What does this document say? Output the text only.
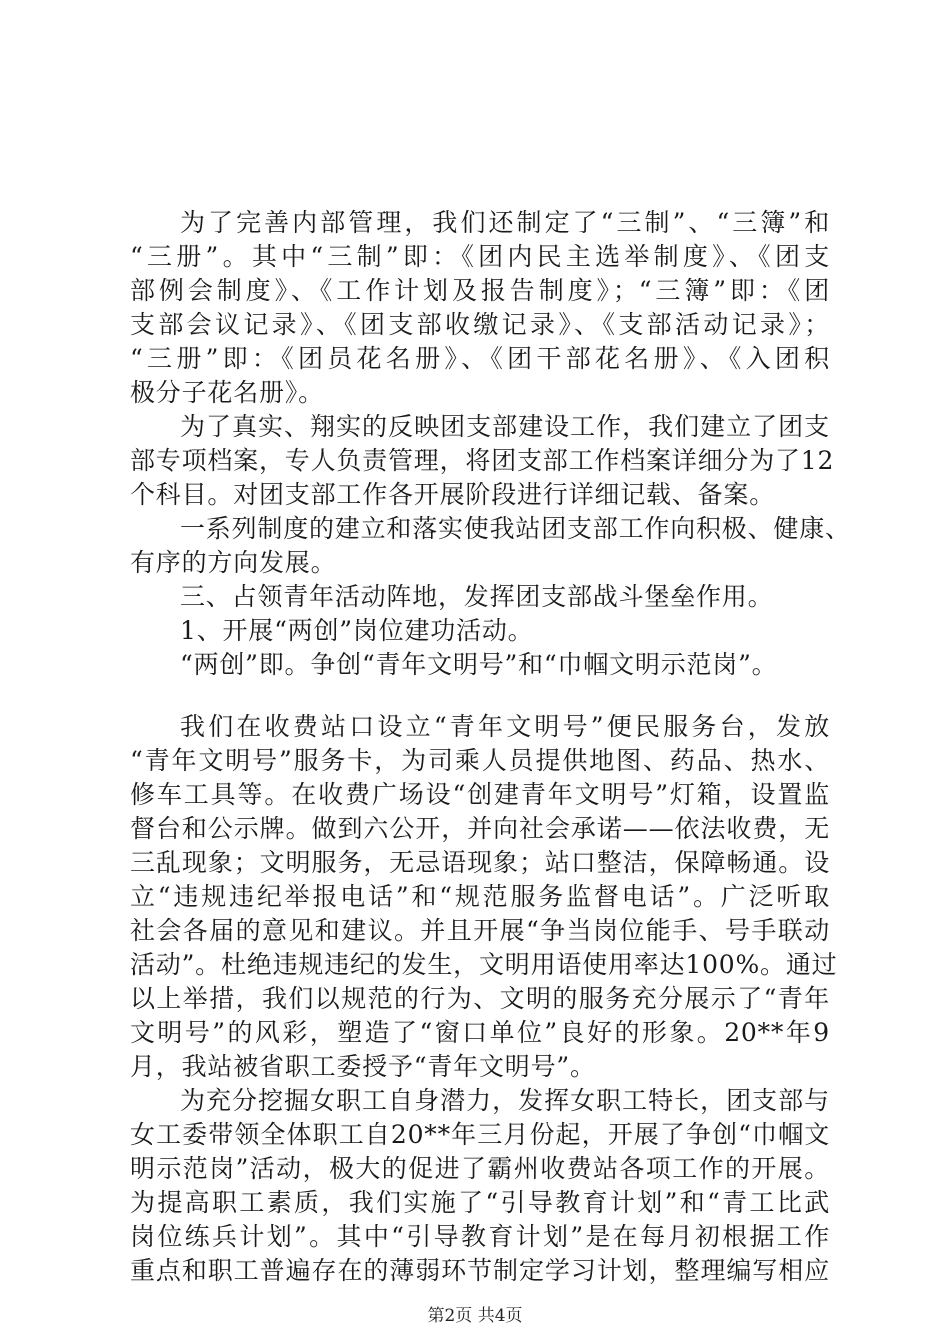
为了完善内部管理，我们还制定了“三制”、“三簿”和
“三册”。其中“三制”即：《团内民主选举制度》、《团支
部例会制度》、《工作计划及报告制度》；“三簿”即：《团
支部会议记录》、《团支部收缴记录》、《支部活动记录》；
“三册”即：《团员花名册》、《团干部花名册》、《入团积
极分子花名册》。
为了真实、翔实的反映团支部建设工作，我们建立了团支
部专项档案，专人负责管理，将团支部工作档案详细分为了12
个科目。对团支部工作各开展阶段进行详细记载、备案。
一系列制度的建立和落实使我站团支部工作向积极、健康、
有序的方向发展。
三、占领青年活动阵地，发挥团支部战斗堡垒作用。
1、开展“两创”岗位建功活动。
“两创”即。争创“青年文明号”和“巾帼文明示范岗”。
我们在收费站口设立“青年文明号”便民服务台，发放
“青年文明号”服务卡，为司乘人员提供地图、药品、热水、
修车工具等。在收费广场设“创建青年文明号”灯箱，设置监
督台和公示牌。做到六公开，并向社会承诺——依法收费，无
三乱现象；文明服务，无忌语现象；站口整洁，保障畅通。设
立“违规违纪举报电话”和“规范服务监督电话”。广泛听取
社会各届的意见和建议。并且开展“争当岗位能手、号手联动
活动”。杜绝违规违纪的发生，文明用语使用率达100%。通过
以上举措，我们以规范的行为、文明的服务充分展示了“青年
文明号”的风彩，塑造了“窗口单位”良好的形象。20**年9
月，我站被省职工委授予“青年文明号”。
为充分挖掘女职工自身潜力，发挥女职工特长，团支部与
女工委带领全体职工自20**年三月份起，开展了争创“巾帼文
明示范岗”活动，极大的促进了霸州收费站各项工作的开展。
为提高职工素质，我们实施了“引导教育计划”和“青工比武
岗位练兵计划”。其中“引导教育计划”是在每月初根据工作
重点和职工普遍存在的薄弱环节制定学习计划，整理编写相应
第2页 共4页
